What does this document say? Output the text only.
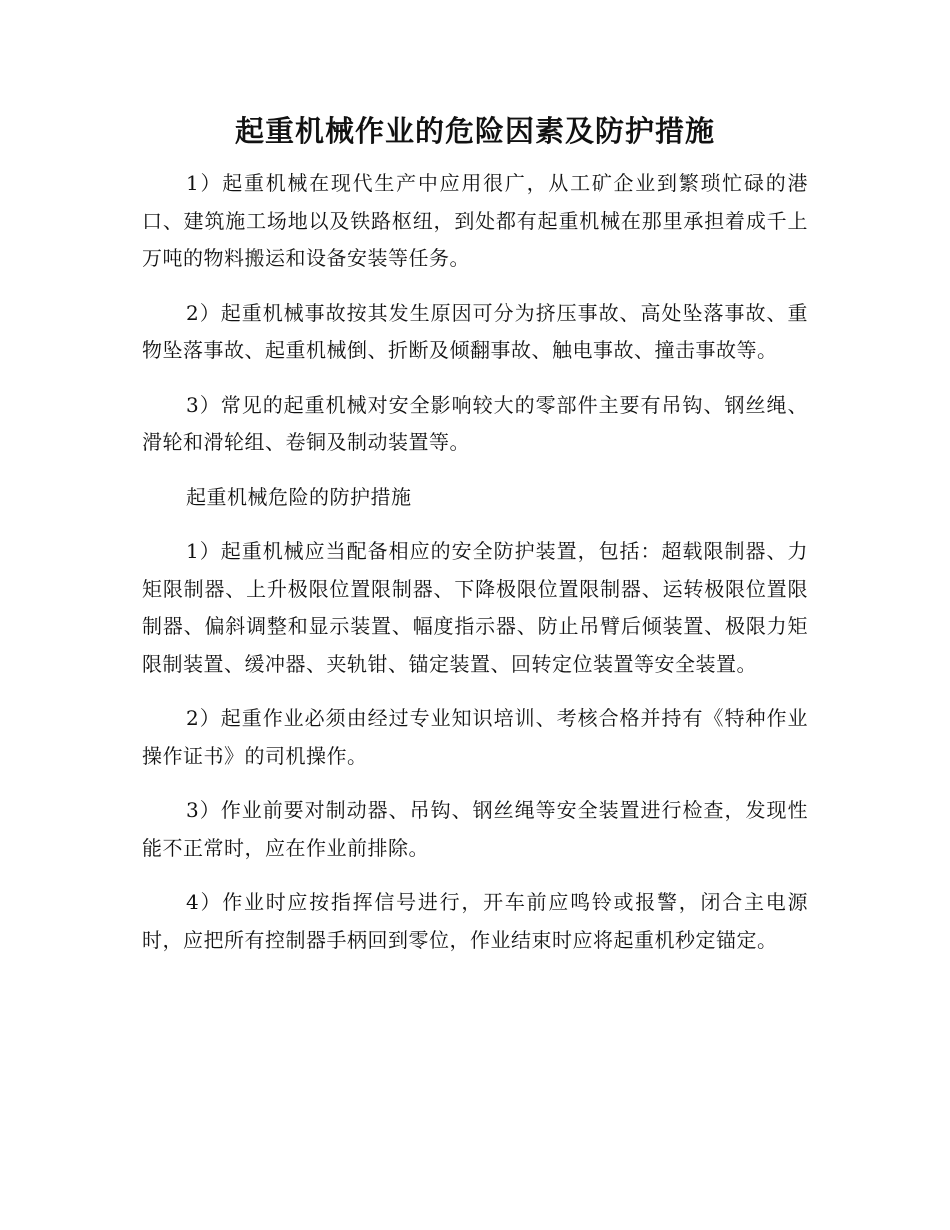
起重机械作业的危险因素及防护措施

1）起重机械在现代生产中应用很广，从工矿企业到繁琐忙碌的港口、建筑施工场地以及铁路枢纽，到处都有起重机械在那里承担着成千上万吨的物料搬运和设备安装等任务。

2）起重机械事故按其发生原因可分为挤压事故、高处坠落事故、重物坠落事故、起重机械倒、折断及倾翻事故、触电事故、撞击事故等。

3）常见的起重机械对安全影响较大的零部件主要有吊钩、钢丝绳、滑轮和滑轮组、卷铜及制动装置等。

起重机械危险的防护措施

1）起重机械应当配备相应的安全防护装置，包括：超载限制器、力矩限制器、上升极限位置限制器、下降极限位置限制器、运转极限位置限制器、偏斜调整和显示装置、幅度指示器、防止吊臂后倾装置、极限力矩限制装置、缓冲器、夹轨钳、锚定装置、回转定位装置等安全装置。

2）起重作业必须由经过专业知识培训、考核合格并持有《特种作业操作证书》的司机操作。

3）作业前要对制动器、吊钩、钢丝绳等安全装置进行检查，发现性能不正常时，应在作业前排除。

4）作业时应按指挥信号进行，开车前应鸣铃或报警，闭合主电源时，应把所有控制器手柄回到零位，作业结束时应将起重机秒定锚定。
